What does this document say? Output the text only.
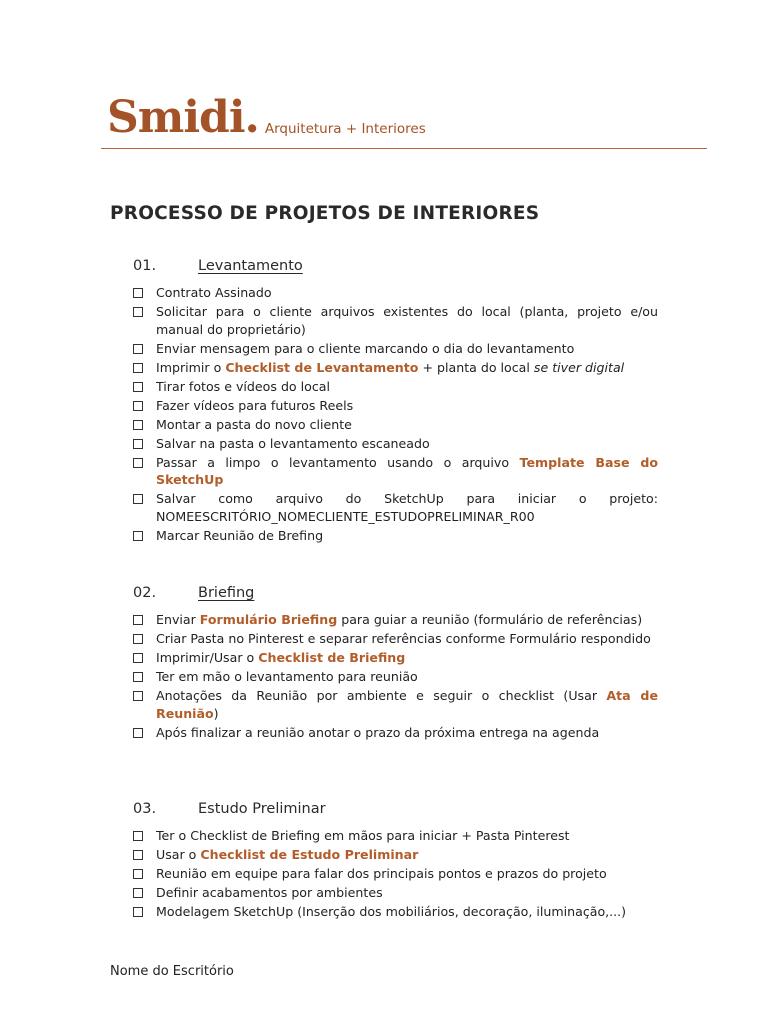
Smidi. Arquitetura + Interiores
PROCESSO DE PROJETOS DE INTERIORES
01.	Levantamento
Contrato Assinado
Solicitar para o cliente arquivos existentes do local (planta, projeto e/ou manual do proprietário)
Enviar mensagem para o cliente marcando o dia do levantamento
Imprimir o Checklist de Levantamento + planta do local se tiver digital
Tirar fotos e vídeos do local
Fazer vídeos para futuros Reels
Montar a pasta do novo cliente
Salvar na pasta o levantamento escaneado
Passar a limpo o levantamento usando o arquivo Template Base do SketchUp
Salvar como arquivo do SketchUp para iniciar o projeto: NOMEESCRITÓRIO_NOMECLIENTE_ESTUDOPRELIMINAR_R00
Marcar Reunião de Brefing
02.	Briefing
Enviar Formulário Briefing para guiar a reunião (formulário de referências)
Criar Pasta no Pinterest e separar referências conforme Formulário respondido
Imprimir/Usar o Checklist de Briefing
Ter em mão o levantamento para reunião
Anotações da Reunião por ambiente e seguir o checklist (Usar Ata de Reunião)
Após finalizar a reunião anotar o prazo da próxima entrega na agenda
03.	Estudo Preliminar
Ter o Checklist de Briefing em mãos para iniciar + Pasta Pinterest
Usar o Checklist de Estudo Preliminar
Reunião em equipe para falar dos principais pontos e prazos do projeto
Definir acabamentos por ambientes
Modelagem SketchUp (Inserção dos mobiliários, decoração, iluminação,...)
Nome do Escritório
